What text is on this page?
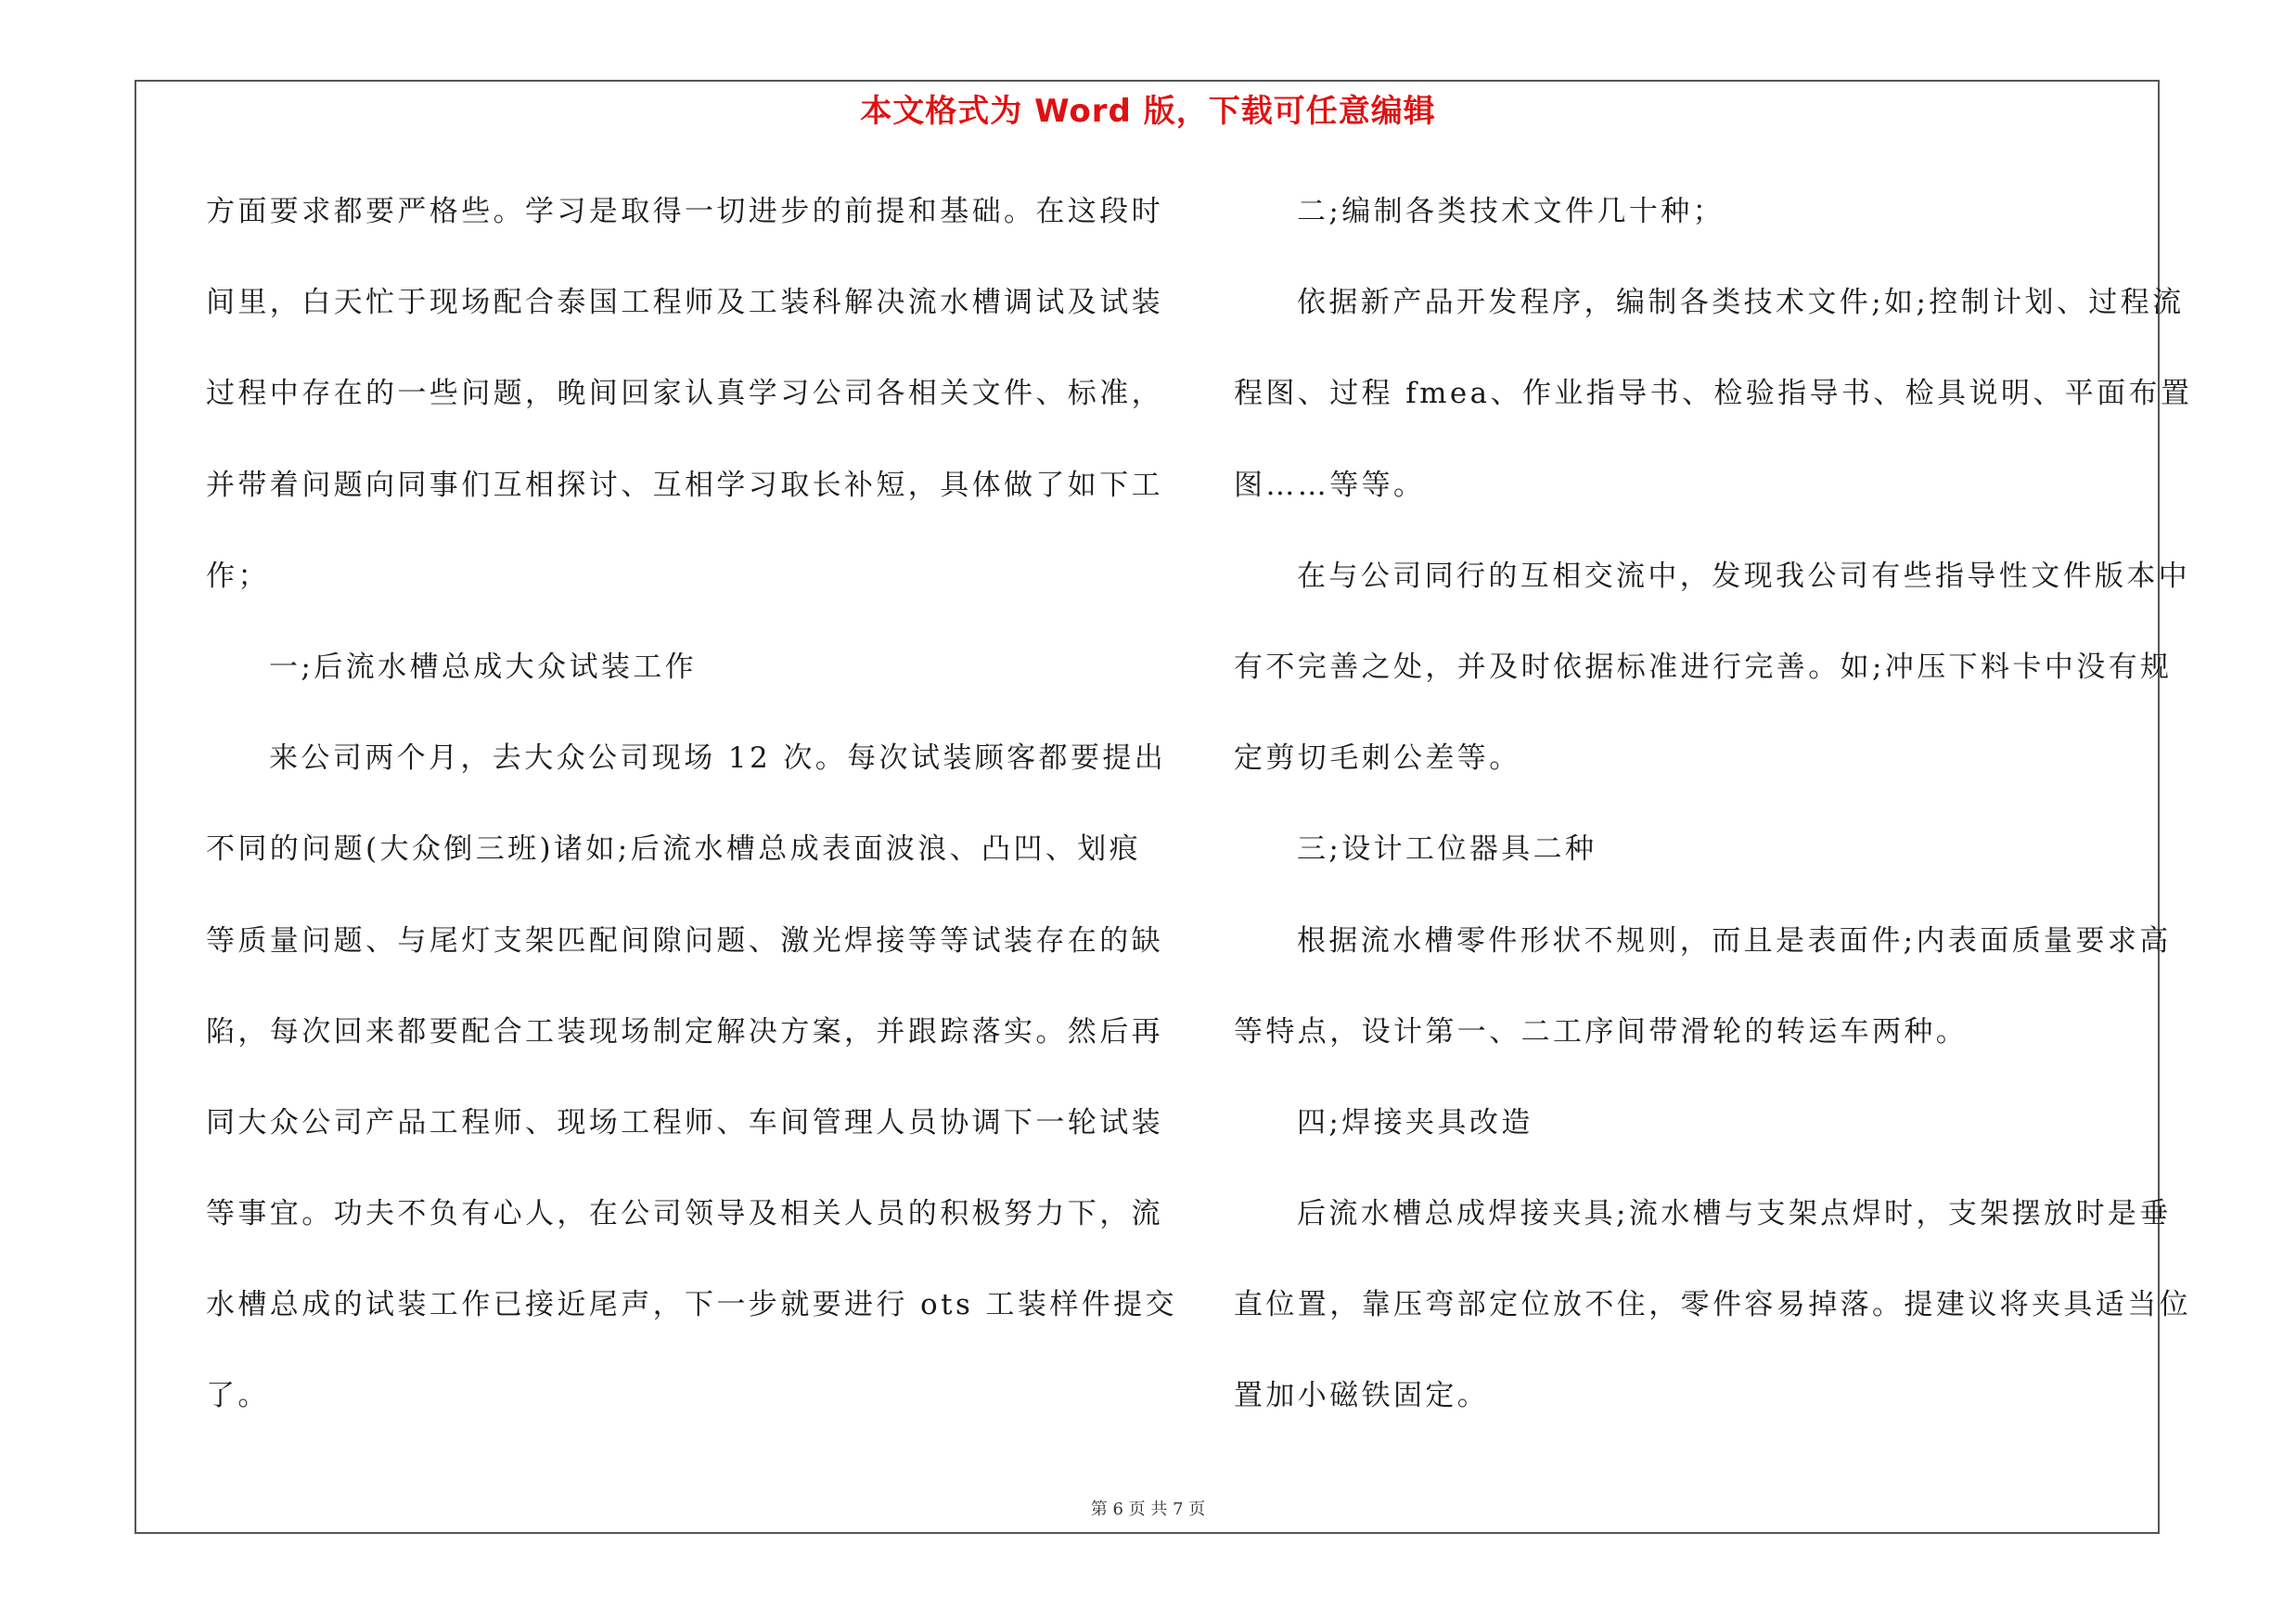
本文格式为 Word 版，下载可任意编辑
方面要求都要严格些。学习是取得一切进步的前提和基础。在这段时
间里，白天忙于现场配合泰国工程师及工装科解决流水槽调试及试装
过程中存在的一些问题，晚间回家认真学习公司各相关文件、标准，
并带着问题向同事们互相探讨、互相学习取长补短，具体做了如下工
作；
一;后流水槽总成大众试装工作
来公司两个月，去大众公司现场 12 次。每次试装顾客都要提出
不同的问题(大众倒三班)诸如;后流水槽总成表面波浪、凸凹、划痕
等质量问题、与尾灯支架匹配间隙问题、激光焊接等等试装存在的缺
陷，每次回来都要配合工装现场制定解决方案，并跟踪落实。然后再
同大众公司产品工程师、现场工程师、车间管理人员协调下一轮试装
等事宜。功夫不负有心人，在公司领导及相关人员的积极努力下，流
水槽总成的试装工作已接近尾声，下一步就要进行 ots 工装样件提交
了。
二;编制各类技术文件几十种；
依据新产品开发程序，编制各类技术文件;如;控制计划、过程流
程图、过程 fmea、作业指导书、检验指导书、检具说明、平面布置
图……等等。
在与公司同行的互相交流中，发现我公司有些指导性文件版本中
有不完善之处，并及时依据标准进行完善。如;冲压下料卡中没有规
定剪切毛刺公差等。
三;设计工位器具二种
根据流水槽零件形状不规则，而且是表面件;内表面质量要求高
等特点，设计第一、二工序间带滑轮的转运车两种。
四;焊接夹具改造
后流水槽总成焊接夹具;流水槽与支架点焊时，支架摆放时是垂
直位置，靠压弯部定位放不住，零件容易掉落。提建议将夹具适当位
置加小磁铁固定。
第 6 页 共 7 页
